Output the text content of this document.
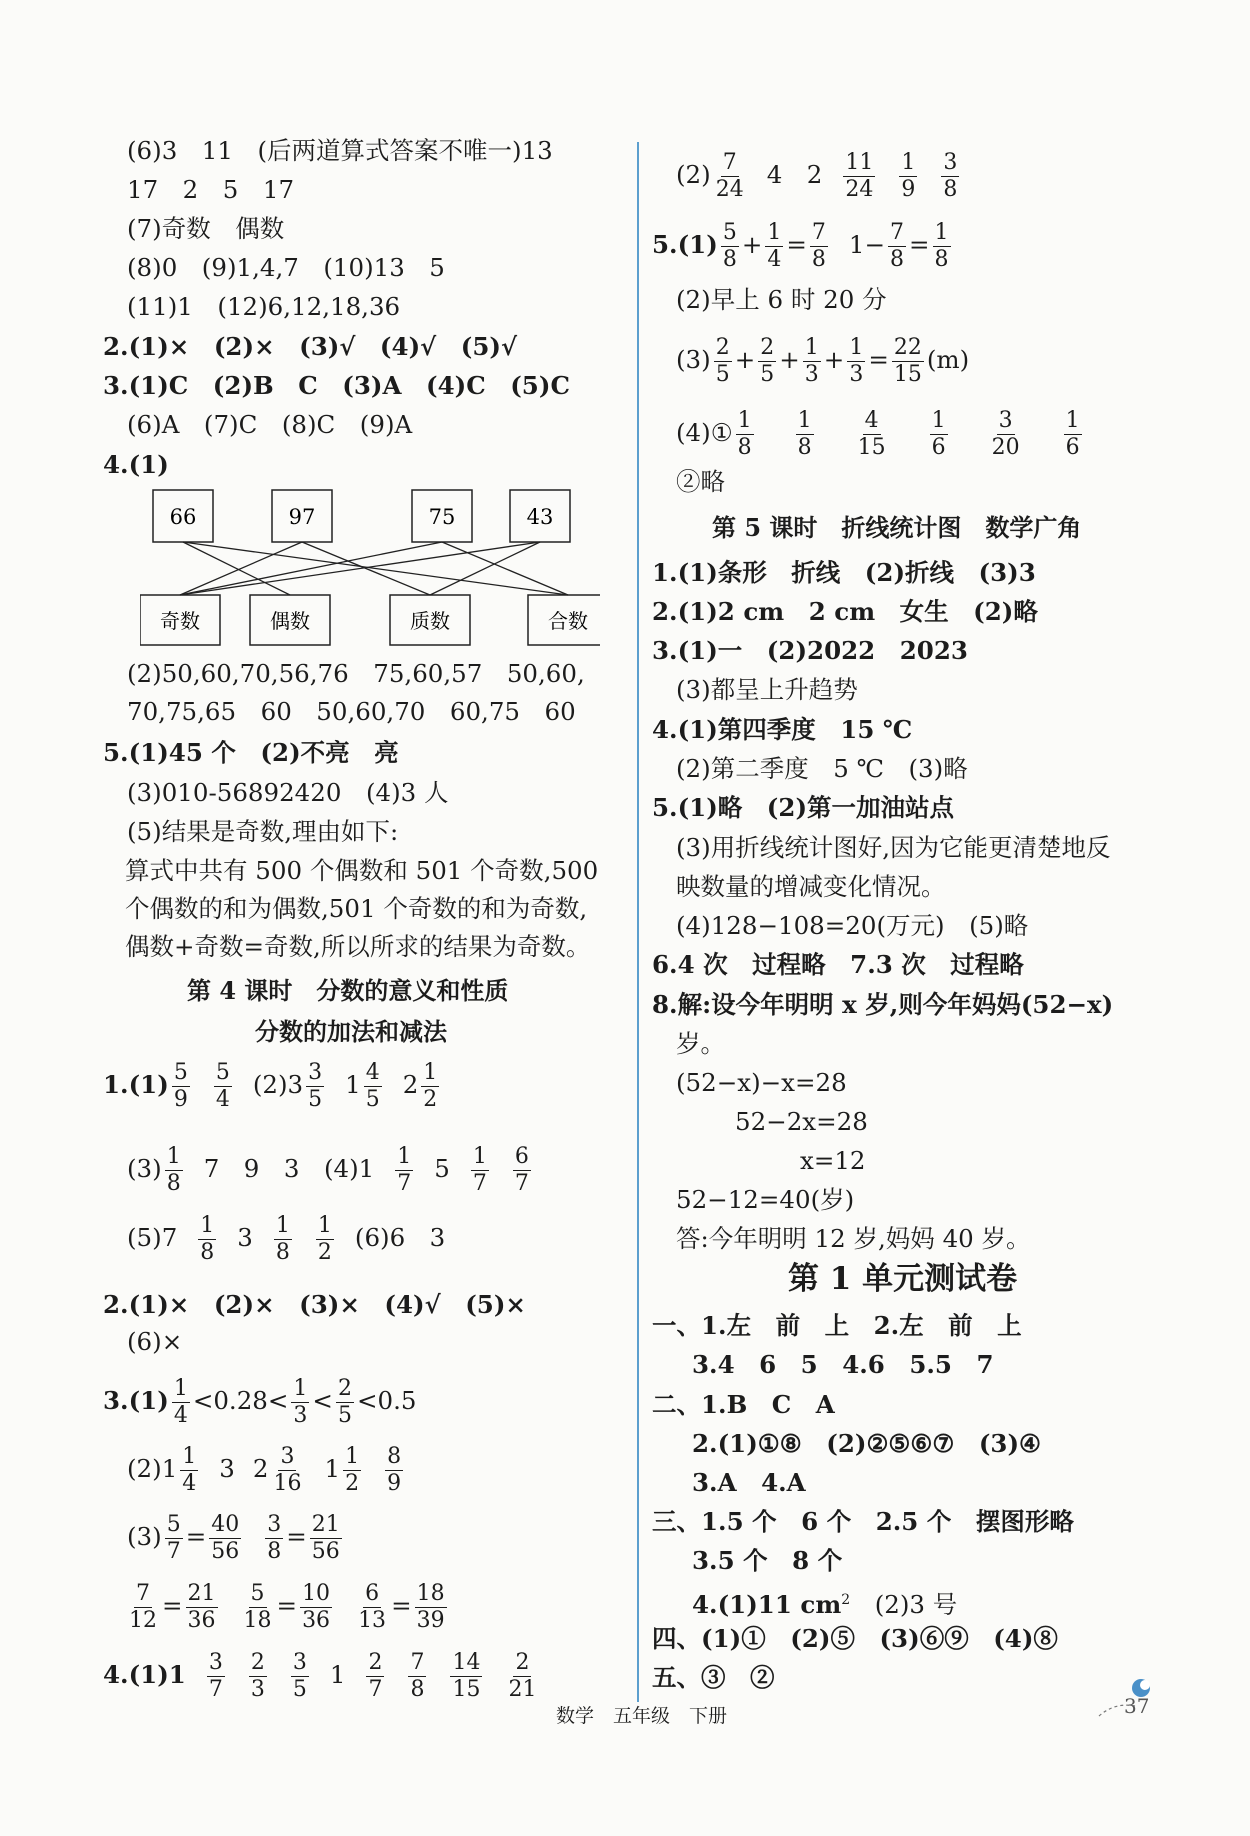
(6)3　11　(后两道算式答案不唯一)13
17　2　5　17
(7)奇数　偶数
(8)0　(9)1,4,7　(10)13　5
(11)1　(12)6,12,18,36
2.(1)×　(2)×　(3)√　(4)√　(5)√
3.(1)C　(2)B　C　(3)A　(4)C　(5)C
(6)A　(7)C　(8)C　(9)A
4.(1)
66	97	75	43
奇数	偶数	质数	合数
(2)50,60,70,56,76　75,60,57　50,60,
70,75,65　60　50,60,70　60,75　60
5.(1)45 个　(2)不亮　亮
(3)010-56892420　(4)3 人
(5)结果是奇数,理由如下:
算式中共有 500 个偶数和 501 个奇数,500
个偶数的和为偶数,501 个奇数的和为奇数,
偶数+奇数=奇数,所以所求的结果为奇数。
第 4 课时　分数的意义和性质
分数的加法和减法
$1.(1) \frac{5}{9} \frac{5}{4} (2)3 \frac{3}{5} 1 \frac{4}{5} 2 \frac{1}{2}$
$(3) \frac{1}{8} 7$　9　3　$(4)1 \frac{1}{7} 5 \frac{1}{7} \frac{6}{7}$
$(5)7 \frac{1}{8} 3 \frac{1}{8} \frac{1}{2} (6)6$　3
2.(1)×　(2)×　(3)×　(4)√　(5)×
(6)×
$3.(1) \frac{1}{4} <0.28< \frac{1}{3} < \frac{2}{5} <0.5$
$(2)1 \frac{1}{4} 3$ $2 \frac{3}{16} 1 \frac{1}{2} \frac{8}{9}$
$(3) \frac{5}{7} = \frac{40}{56} \frac{3}{8} = \frac{21}{56}$
$\frac{7}{12} = \frac{21}{36} \frac{5}{18} = \frac{10}{36} \frac{6}{13} = \frac{18}{39}$
$4.(1)1 \frac{3}{7} \frac{2}{3} \frac{3}{5} 1 \frac{2}{7} \frac{7}{8} \frac{14}{15} \frac{2}{21}$
$(2) \frac{7}{24} 4$　$2 \frac{11}{24} \frac{1}{9} \frac{3}{8}$
$5.(1) \frac{5}{8} + \frac{1}{4} = \frac{7}{8} 1- \frac{7}{8} = \frac{1}{8}$
(2)早上 6 时 20 分
$(3) \frac{2}{5} + \frac{2}{5} + \frac{1}{3} + \frac{1}{3} = \frac{22}{15} (m)$
(4)① $\frac{1}{8} \frac{1}{8} \frac{4}{15} \frac{1}{6} \frac{3}{20} \frac{1}{6}$
②略
第 5 课时　折线统计图　数学广角
1.(1)条形　折线　(2)折线　(3)3
2.(1)2 cm　2 cm　女生　(2)略
3.(1)一　(2)2022　2023
(3)都呈上升趋势
4.(1)第四季度　15 ℃
(2)第二季度　5 ℃　(3)略
5.(1)略　(2)第一加油站点
(3)用折线统计图好,因为它能更清楚地反
映数量的增减变化情况。
(4)128−108=20(万元)　(5)略
6.4 次　过程略　7.3 次　过程略
8.解:设今年明明 x 岁,则今年妈妈(52−x)
岁。
(52−x)−x=28
52−2x=28
x=12
52−12=40(岁)
答:今年明明 12 岁,妈妈 40 岁。
第 1 单元测试卷
一、1.左　前　上　2.左　前　上
3.4　6　5　4.6　5.5　7
二、1.B　C　A
2.(1)①⑧　(2)②⑤⑥⑦　(3)④
3.A　4.A
三、1.5 个　6 个　2.5 个　摆图形略
3.5 个　8 个
4.(1)11 $cm^2$　(2)3 号
四、(1)①　(2)⑤　(3)⑥⑨　(4)⑧
五、③　②
数学　五年级　下册	37
